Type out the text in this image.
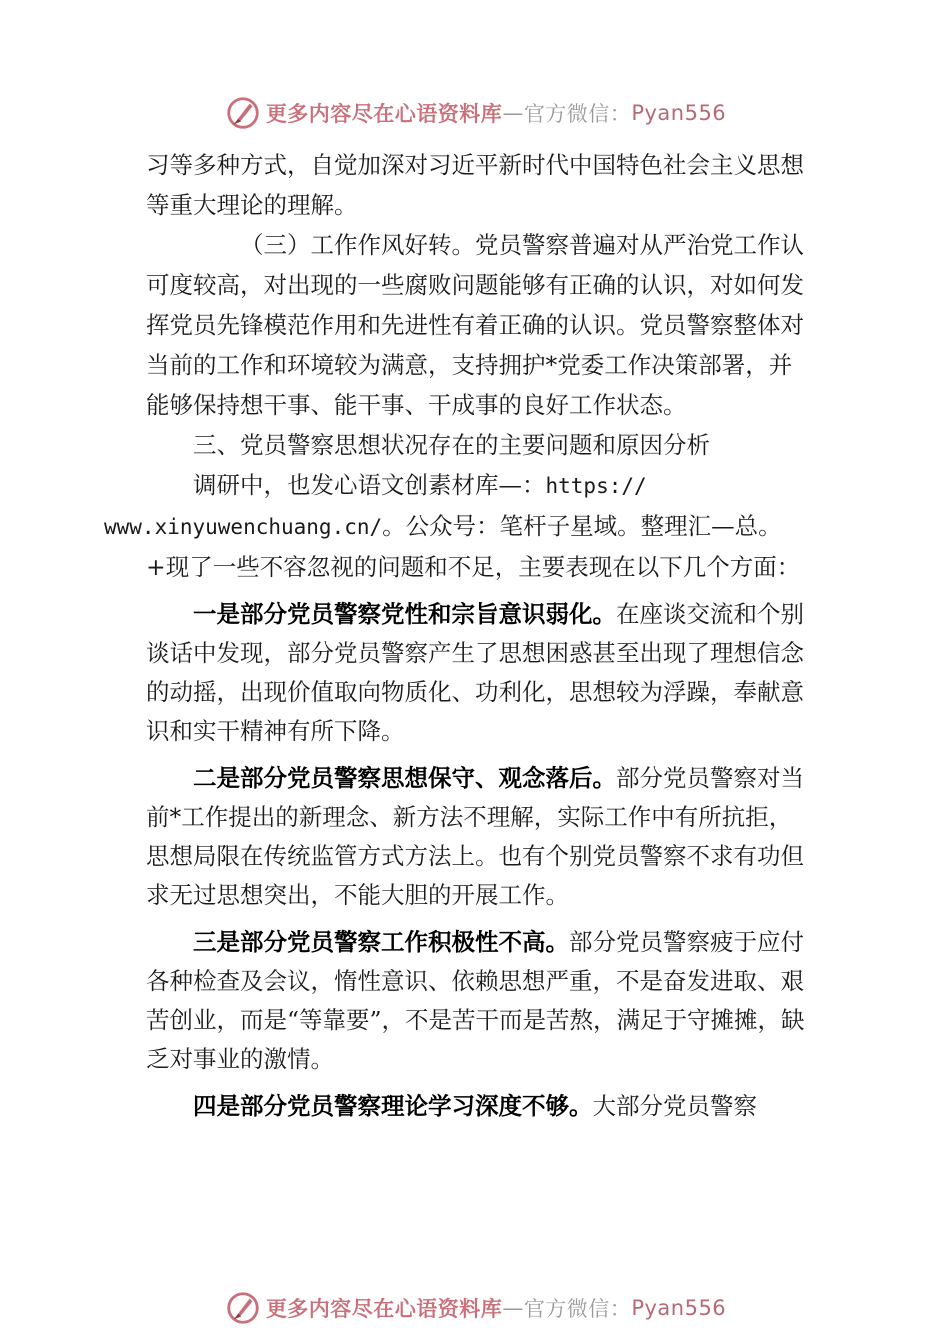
更多内容尽在心语资料库 — 官方微信： Pyan556

习等多种方式，自觉加深对习近平新时代中国特色社会主义思想等重大理论的理解。

（三）工作作风好转。党员警察普遍对从严治党工作认可度较高，对出现的一些腐败问题能够有正确的认识，对如何发挥党员先锋模范作用和先进性有着正确的认识。党员警察整体对当前的工作和环境较为满意，支持拥护*党委工作决策部署，并能够保持想干事、能干事、干成事的良好工作状态。

三、党员警察思想状况存在的主要问题和原因分析

调研中，也发心语文创素材库—：https://
www.xinyuwenchuang.cn/。公众号：笔杆子星域。整理汇—总。+现了一些不容忽视的问题和不足，主要表现在以下几个方面：

一是部分党员警察党性和宗旨意识弱化。在座谈交流和个别谈话中发现，部分党员警察产生了思想困惑甚至出现了理想信念的动摇，出现价值取向物质化、功利化，思想较为浮躁，奉献意识和实干精神有所下降。

二是部分党员警察思想保守、观念落后。部分党员警察对当前*工作提出的新理念、新方法不理解，实际工作中有所抗拒，思想局限在传统监管方式方法上。也有个别党员警察不求有功但求无过思想突出，不能大胆的开展工作。

三是部分党员警察工作积极性不高。部分党员警察疲于应付各种检查及会议，惰性意识、依赖思想严重，不是奋发进取、艰苦创业，而是“等靠要”，不是苦干而是苦熬，满足于守摊摊，缺乏对事业的激情。

四是部分党员警察理论学习深度不够。大部分党员警察

更多内容尽在心语资料库 — 官方微信： Pyan556
